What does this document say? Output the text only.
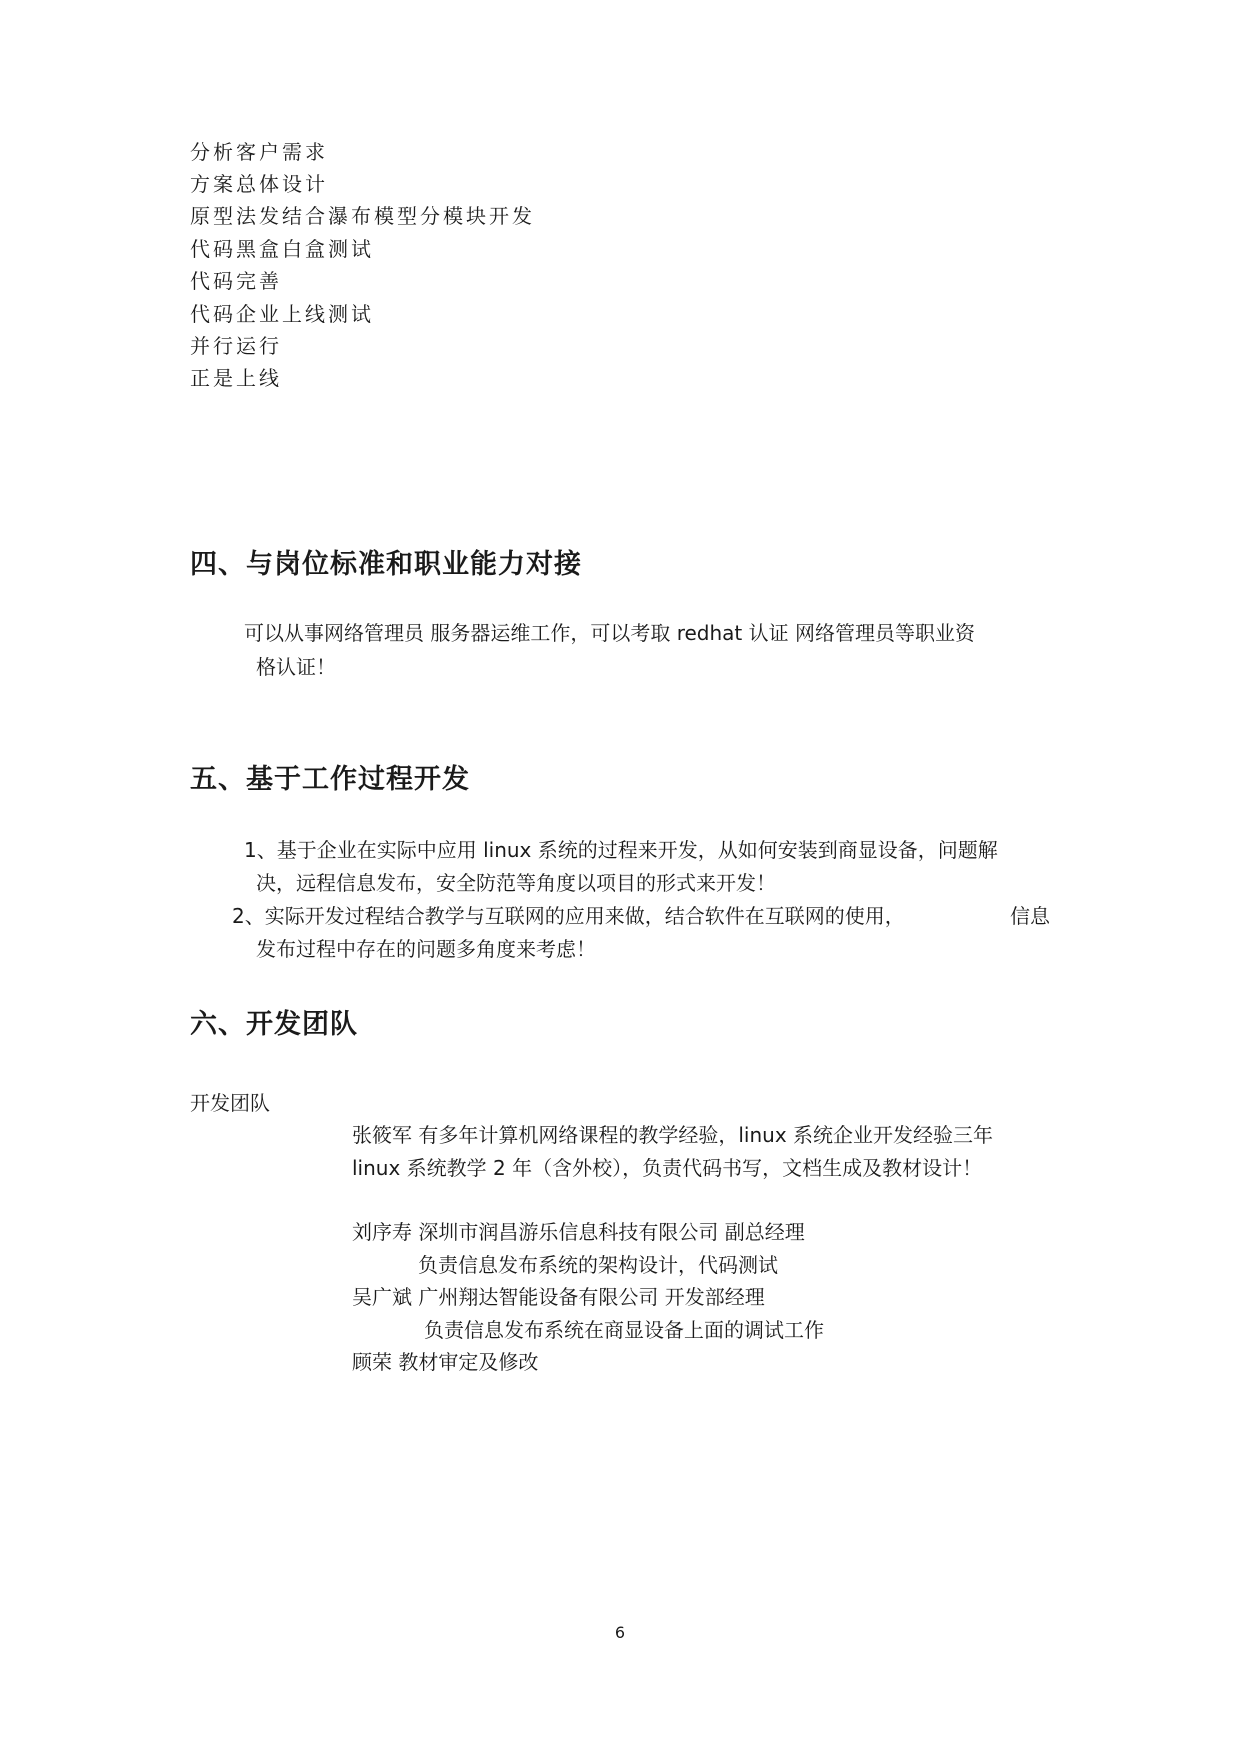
分析客户需求
方案总体设计
原型法发结合瀑布模型分模块开发
代码黑盒白盒测试
代码完善
代码企业上线测试
并行运行
正是上线
四、与岗位标准和职业能力对接
可以从事网络管理员 服务器运维工作，可以考取 redhat 认证 网络管理员等职业资
格认证！
五、基于工作过程开发
1、基于企业在实际中应用 linux 系统的过程来开发，从如何安装到商显设备，问题解
决，远程信息发布，安全防范等角度以项目的形式来开发！
2、实际开发过程结合教学与互联网的应用来做，结合软件在互联网的使用，	信息
发布过程中存在的问题多角度来考虑！
六、开发团队
开发团队
张筱军 有多年计算机网络课程的教学经验，linux 系统企业开发经验三年
linux 系统教学 2 年（含外校），负责代码书写，文档生成及教材设计！
刘序寿 深圳市润昌游乐信息科技有限公司 副总经理
负责信息发布系统的架构设计，代码测试
吴广斌 广州翔达智能设备有限公司 开发部经理
负责信息发布系统在商显设备上面的调试工作
顾荣 教材审定及修改
6
